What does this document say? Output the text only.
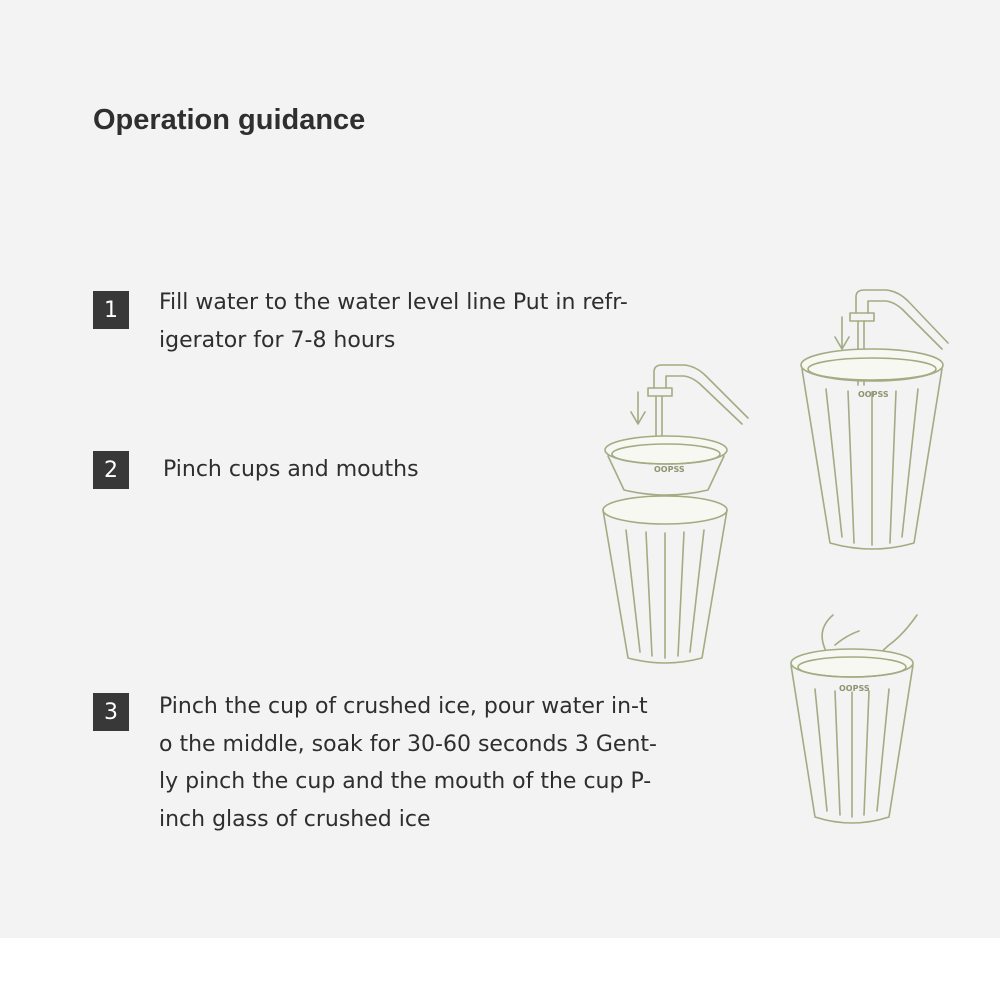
Operation guidance
1	Fill water to the water level line Put in refr-
igerator for 7-8 hours

2	Pinch cups and mouths

3	Pinch the cup of crushed ice, pour water in-t
o the middle, soak for 30-60 seconds 3 Gent-
ly pinch the cup and the mouth of the cup P-
inch glass of crushed ice

OOPSS
OOPSS
OOPSS
